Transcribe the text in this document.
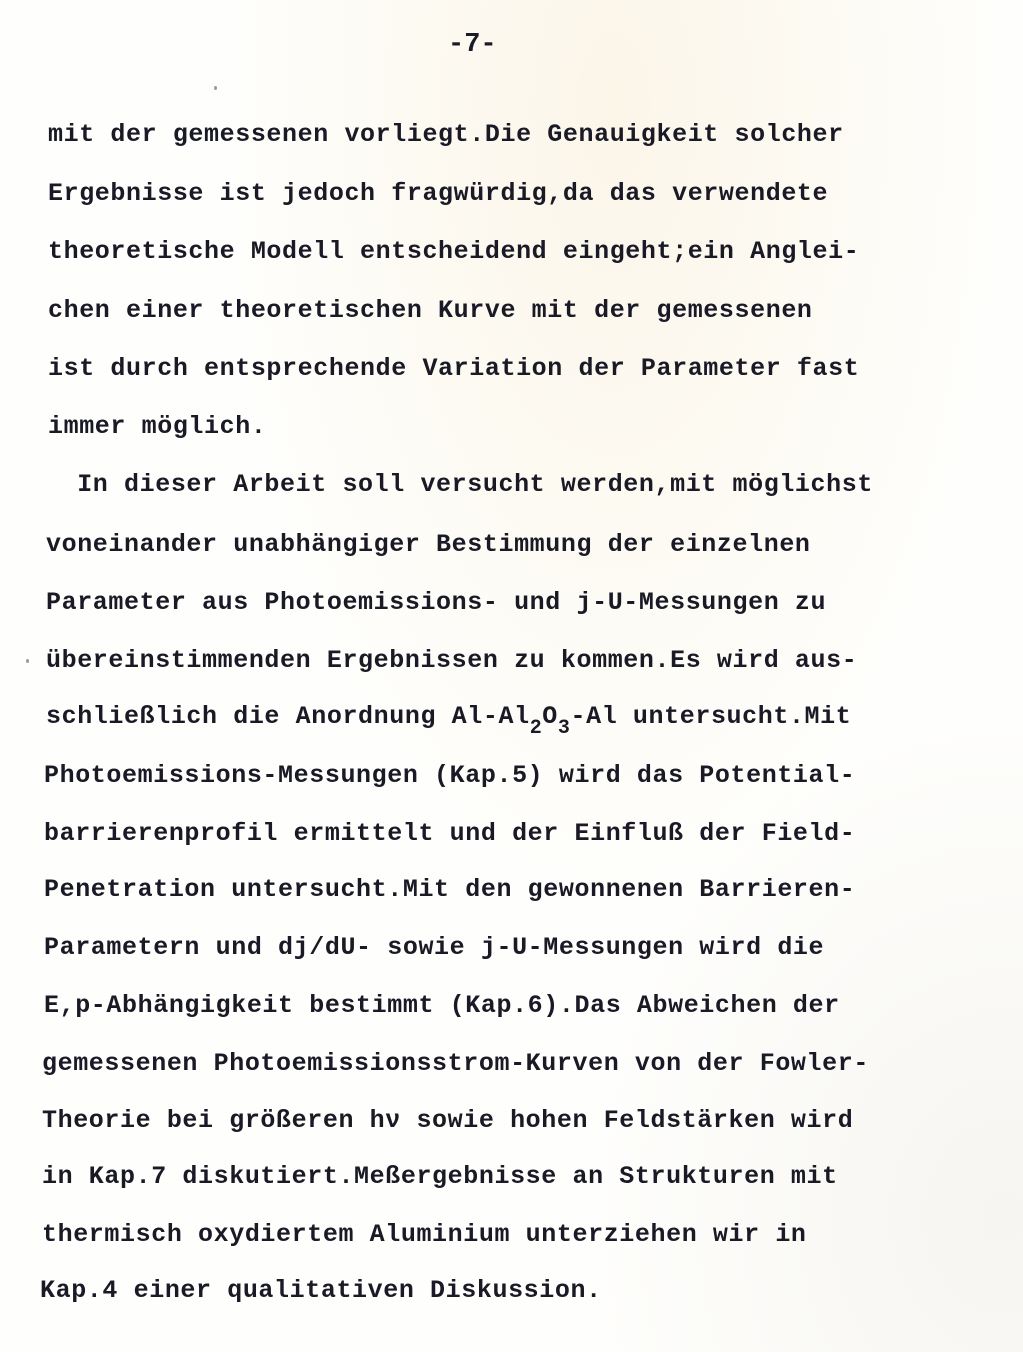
-7-
mit der gemessenen vorliegt.Die Genauigkeit solcher
Ergebnisse ist jedoch fragwürdig,da das verwendete
theoretische Modell entscheidend eingeht;ein Anglei-
chen einer theoretischen Kurve mit der gemessenen
ist durch entsprechende Variation der Parameter fast
immer möglich.
In dieser Arbeit soll versucht werden,mit möglichst
voneinander unabhängiger Bestimmung der einzelnen
Parameter aus Photoemissions- und j-U-Messungen zu
übereinstimmenden Ergebnissen zu kommen.Es wird aus-
schließlich die Anordnung $Al-Al_2O_3-Al$ untersucht.Mit
Photoemissions-Messungen (Kap.5) wird das Potential-
barrierenprofil ermittelt und der Einfluß der Field-
Penetration untersucht.Mit den gewonnenen Barrieren-
Parametern und dj/dU- sowie j-U-Messungen wird die
E,p-Abhängigkeit bestimmt (Kap.6).Das Abweichen der
gemessenen Photoemissionsstrom-Kurven von der Fowler-
Theorie bei größeren hν sowie hohen Feldstärken wird
in Kap.7 diskutiert.Meßergebnisse an Strukturen mit
thermisch oxydiertem Aluminium unterziehen wir in
Kap.4 einer qualitativen Diskussion.
